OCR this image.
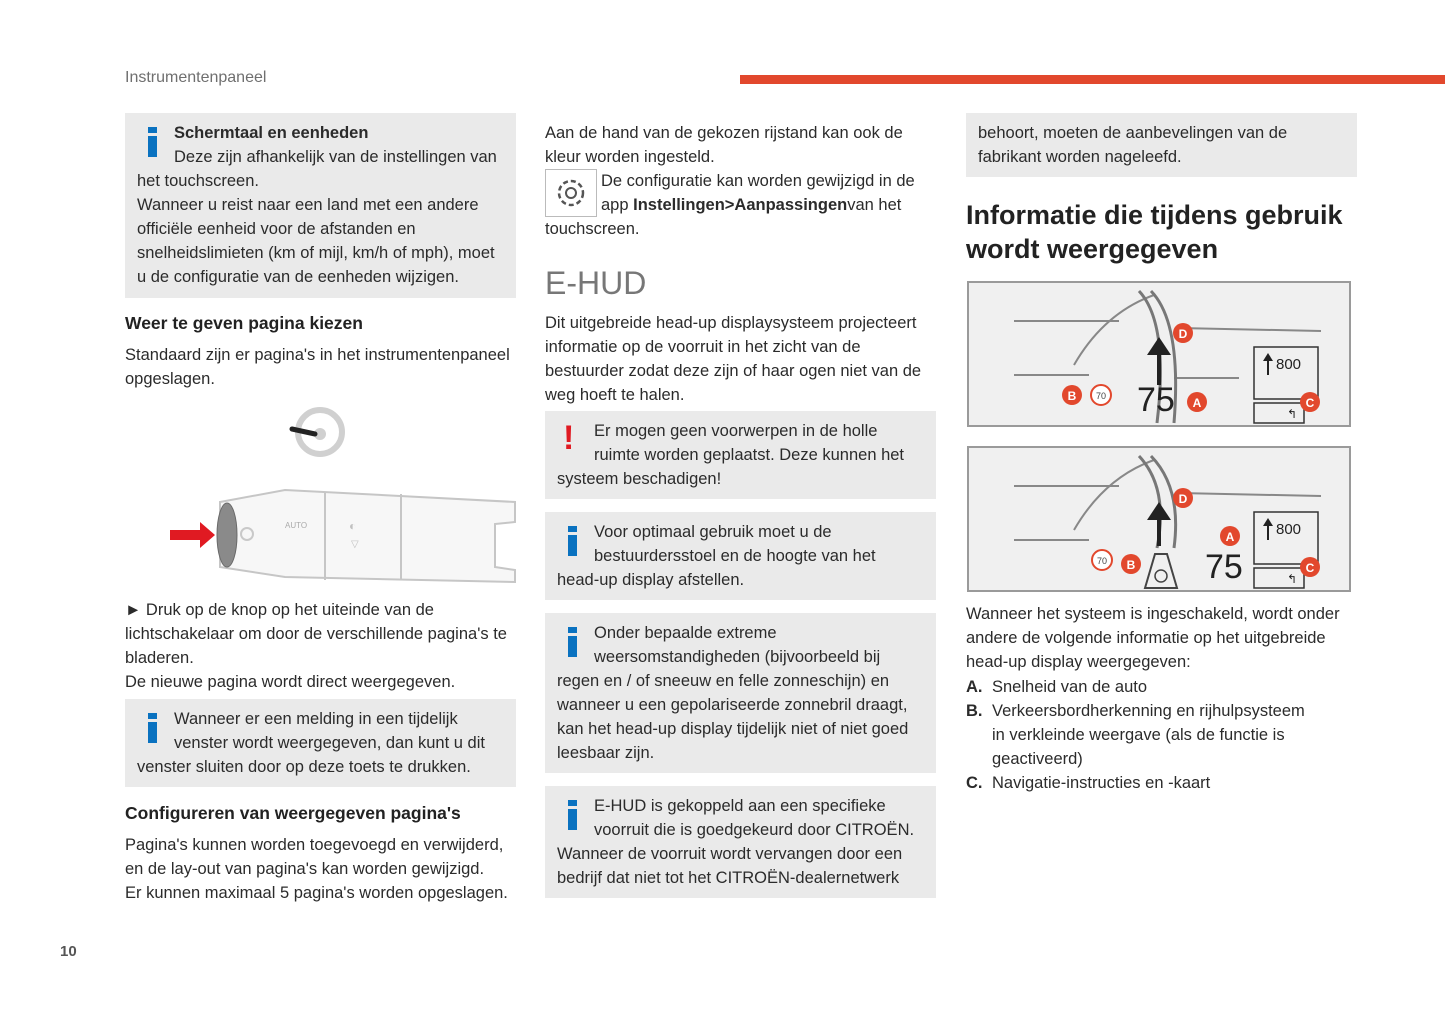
Instrumentenpaneel

Schermtaal en eenheden

Deze zijn afhankelijk van de instellingen van

het touchscreen.

Wanneer u reist naar een land met een andere officiële eenheid voor de afstanden en snelheidslimieten (km of mijl, km/h of mph), moet u de configuratie van de eenheden wijzigen.

Weer te geven pagina kiezen

Standaard zijn er pagina's in het instrumentenpaneel opgeslagen.

AUTO	◐
▽

► Druk op de knop op het uiteinde van de lichtschakelaar om door de verschillende pagina's te bladeren.

De nieuwe pagina wordt direct weergegeven.

Wanneer er een melding in een tijdelijk

venster wordt weergegeven, dan kunt u dit

venster sluiten door op deze toets te drukken.

Configureren van weergegeven pagina's

Pagina's kunnen worden toegevoegd en verwijderd, en de lay-out van pagina's kan worden gewijzigd.

Er kunnen maximaal 5 pagina's worden opgeslagen.

Aan de hand van de gekozen rijstand kan ook de kleur worden ingesteld.

De configuratie kan worden gewijzigd in de

app Instellingen>Aanpassingenvan het

touchscreen.

E-HUD

Dit uitgebreide head-up displaysysteem projecteert informatie op de voorruit in het zicht van de bestuurder zodat deze zijn of haar ogen niet van de weg hoeft te halen.

!	Er mogen geen voorwerpen in de holle

ruimte worden geplaatst. Deze kunnen het

systeem beschadigen!

Voor optimaal gebruik moet u de

bestuurdersstoel en de hoogte van het

head-up display afstellen.

Onder bepaalde extreme

weersomstandigheden (bijvoorbeeld bij

regen en / of sneeuw en felle zonneschijn) en wanneer u een gepolariseerde zonnebril draagt, kan het head-up display tijdelijk niet of niet goed leesbaar zijn.

E-HUD is gekoppeld aan een specifieke

voorruit die is goedgekeurd door CITROËN.

Wanneer de voorruit wordt vervangen door een bedrijf dat niet tot het CITROËN-dealernetwerk

behoort, moeten de aanbevelingen van de fabrikant worden nageleefd.

Informatie die tijdens gebruik wordt weergegeven
75
70
800
↰
D
B	A	C
75
70
800
↰
D
B
A
C

Wanneer het systeem is ingeschakeld, wordt onder andere de volgende informatie op het uitgebreide head-up display weergegeven:

A. Snelheid van de auto
B. Verkeersbordherkenning en rijhulpsysteem in verkleinde weergave (als de functie is geactiveerd)
C. Navigatie-instructies en -kaart
10
